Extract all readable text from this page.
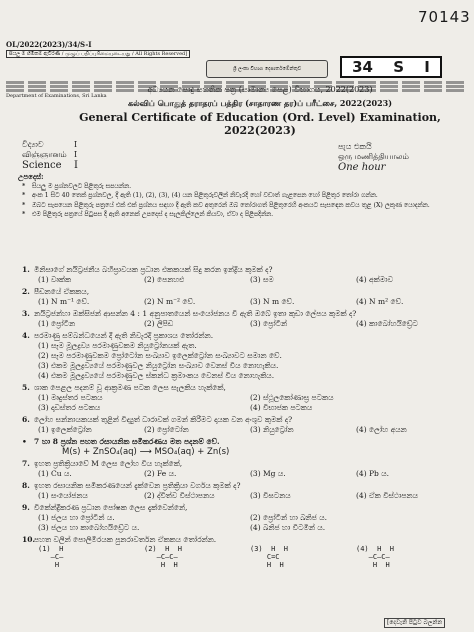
70143
OL/2022(2023)/34/S-I
සියලු ම හිමිකම් ඇවිරිණි / முழுப் பதிப்புரிமையுடையது / All Rights Reserved]
ශ්‍රී ලංකා විභාග දෙපාර්තමේන්තුව
Department of Examinations, Sri Lanka
34 S I
අධ්‍යයන පොදු සහතික පත්‍ර (සාමාන්‍ය පෙළ) විභාගය, 2022(2023)
கல்விப் பொதுத் தராதரப் பத்திர (சாதாரண தர)ப் பரீட்சை, 2022(2023)
General Certificate of Education (Ord. Level) Examination, 2022(2023)
විද්‍යාව	I
விஞ்ஞானம் I
Science	I
පැය එකයි
ஒரு மணித்தியாலம்
One hour
උපදෙස්:
* සියලු ම ප්‍රශ්නවලට පිළිතුරු සපයන්න.
* අංක 1 සිට 40 තෙක් ප්‍රශ්නවල, දී ඇති (1), (2), (3), (4) යන පිළිතුරුවලින් නිවැරදි හෝ වඩාත් ගැළපෙන හෝ පිළිතුර තෝරා ගන්න.
* ඔබට සැපයෙන පිළිතුරු පත්‍රයේ එක් එක් ප්‍රශ්නය සඳහා දී ඇති කව අතුරෙන් ඔබ තෝරාගත් පිළිතුරෙහි අංකයට සැසඳෙන කවය තුළ (X) ලකුණ යොදන්න.
* එම පිළිතුරු පත්‍රයේ පිටුපස දී ඇති අනෙක් උපදෙස් ද සැලකිල්ලෙන් කියවා, ඒවා ද පිළිපදින්න.
1. මිනිසාගේ නයිට්‍රජනීය බහිස්‍රාවයක ප්‍රධාන එකකයක් සිදු කරන ඉන්ද්‍රිය කුමක් ද?
(1) වෘක්ක	(2) පෙනහළු	(3) සම	(4) අක්මාව
2. පීඩනයේ ඒකකය,
(1) N m⁻¹ වේ.	(2) N m⁻² වේ.	(3) N m වේ.	(4) N m² වේ.
3. නයිට්‍රජන්හා ඔක්සිජන් ආසන්න 4 : 1 අනුපාතයෙන් සංයෝජනය වී ඇති ඔබේ ඉතා කුඩා ලේපය කුමක් ද?
(1) ප්‍රෝටීන	(2) ලිපිඩ	(3) ප්‍රෝටීන්	(4) කාබෝහයිඩ්‍රේට
4. පරමාණු සම්බන්ධයෙන් දී ඇති නිවැරදි ප්‍රකාශය තෝරන්න.
(1) සෑම මූලද්‍රව්‍ය පරමාණුවකම නියුට්‍රෝනයක් ඇත.
(2) සෑම පරමාණුවකම ප්‍රෝටෝන සංඛ්‍යාව ඉලෙක්ට්‍රෝන සංඛ්‍යාවට සමාන වේ.
(3) එකම මූලද්‍රව්‍යයේ පරමාණුවල නියුට්‍රෝන සංඛ්‍යාව වෙනස් විය නොහැකිය.
(4) එකම මූලද්‍රව්‍යයේ පරමාණුවල ස්කන්ධ ක්‍රමාංකය වෙනස් විය නොහැකිය.
5. ශාක පෙළල පදනම් වූ ආක්‍රමණ පටක ලෙස සැලකිය හැක්කේ,
(1) මෘදුස්තර පටකය	(2) ස්ථූලකෝණාස්‍ර පටකය
(3) දෘඩස්තර පටකය	(4) විභාජක පටකය
6. ලෝහ සන්නායකයක් තුළින් විද්‍යුත් ධාරාවක් ගමන් කිරීමට දායක වන අංශුව කුමක් ද?
(1) ඉලෙක්ට්‍රෝන	(2) ප්‍රෝටෝන	(3) නියුට්‍රෝන	(4) ලෝහ අයන
• 7 හා 8 ප්‍රශ්න පහත රසායනික සමීකරණය මත පදනම් වේ.
M(s) + ZnSO₄(aq) ⟶ MSO₄(aq) + Zn(s)
7. ඉහත ප්‍රතික්‍රියාවේ M ලෙස ලෝහ විය හැක්කේ,
(1) Cu ය.	(2) Fe ය.	(3) Mg ය.	(4) Pb ය.
8. ඉහත රසායනික සමීකරණයෙන් දැක්වෙන ප්‍රතික්‍රියා වර්ගය කුමක් ද?
(1) සංයෝජනය	(2) ද්විත්ව විස්ථාපනය	(3) විඝටනය	(4) ඒක විස්ථාපනය
9. විකේන්ද්‍රීකරණ ප්‍රධාන පෝෂක ලෙස දැක්වෙන්නේ,
(1) ජලය හා ප්‍රෝටීන් ය.	(2) ප්‍රෝටීන් හා ඛනිජ ය.
(3) ජලය හා කාබෝහයිඩ්‍රේට ය.	(4) ඛනිජ හා විටමින් ය.
10.
පහත වලින් පොලිමීරයක පුනරාවර්තන ඒකකය තෝරන්න.
(1)  H
—C—
H
(2)  H  H
—C—C—
H  H
(3)  H  H
C=C
H  H
(4)  H  H
—C—C—
H  H
[දෙවැනි පිටුව බලන්න
